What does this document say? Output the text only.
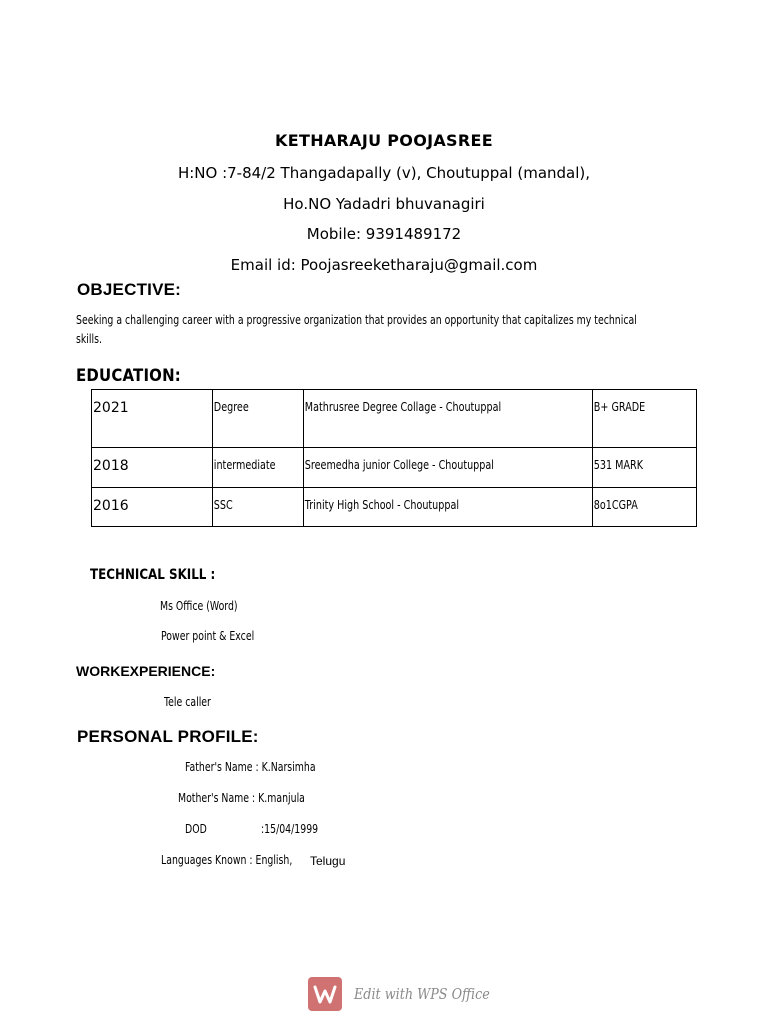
KETHARAJU POOJASREE
H:NO :7-84/2 Thangadapally (v), Choutuppal (mandal),
Ho.NO Yadadri bhuvanagiri
Mobile: 9391489172
Email id: Poojasreeketharaju@gmail.com
OBJECTIVE:
Seeking a challenging career with a progressive organization that provides an opportunity that capitalizes my technical skills.
EDUCATION:
2021	Degree	Mathrusree Degree Collage - Choutuppal	B+ GRADE
2018	intermediate	Sreemedha junior College - Choutuppal	531 MARK
2016	SSC	Trinity High School - Choutuppal	8o1CGPA
TECHNICAL SKILL :
Ms Office (Word)
Power point & Excel
WORKEXPERIENCE:
Tele caller
PERSONAL PROFILE:
Father's Name : K.Narsimha
Mother's Name : K.manjula
DOD	:15/04/1999
Languages Known : English, Telugu
Edit with WPS Office
